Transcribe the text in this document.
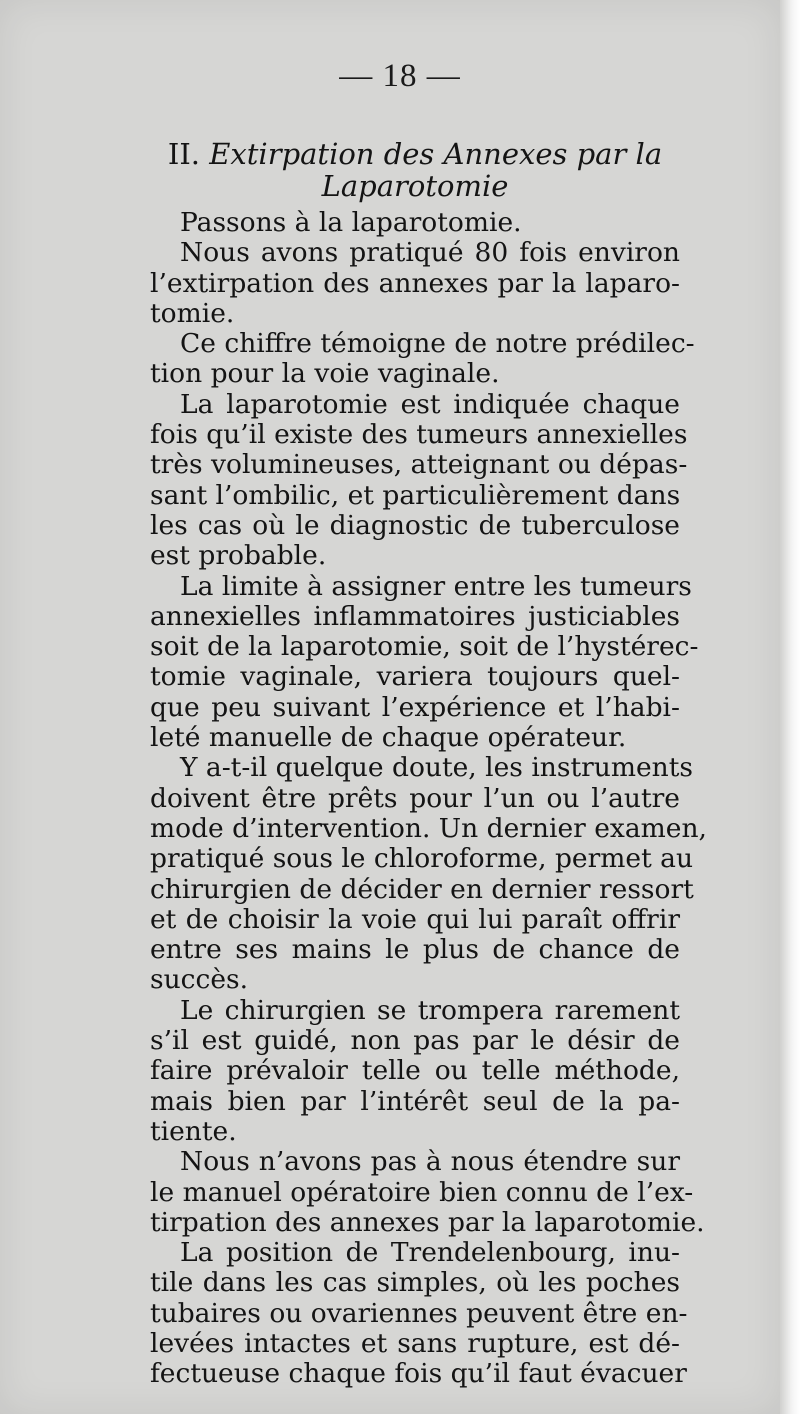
— 18 —
II. Extirpation des Annexes par la
Laparotomie
Passons à la laparotomie.
Nous avons pratiqué 80 fois environ
l’extirpation des annexes par la laparo-
tomie.
Ce chiffre témoigne de notre prédilec-
tion pour la voie vaginale.
La laparotomie est indiquée chaque
fois qu’il existe des tumeurs annexielles
très volumineuses, atteignant ou dépas-
sant l’ombilic, et particulièrement dans
les cas où le diagnostic de tuberculose
est probable.
La limite à assigner entre les tumeurs
annexielles inflammatoires justiciables
soit de la laparotomie, soit de l’hystérec-
tomie vaginale, variera toujours quel-
que peu suivant l’expérience et l’habi-
leté manuelle de chaque opérateur.
Y a-t-il quelque doute, les instruments
doivent être prêts pour l’un ou l’autre
mode d’intervention. Un dernier examen,
pratiqué sous le chloroforme, permet au
chirurgien de décider en dernier ressort
et de choisir la voie qui lui paraît offrir
entre ses mains le plus de chance de
succès.
Le chirurgien se trompera rarement
s’il est guidé, non pas par le désir de
faire prévaloir telle ou telle méthode,
mais bien par l’intérêt seul de la pa-
tiente.
Nous n’avons pas à nous étendre sur
le manuel opératoire bien connu de l’ex-
tirpation des annexes par la laparotomie.
La position de Trendelenbourg, inu-
tile dans les cas simples, où les poches
tubaires ou ovariennes peuvent être en-
levées intactes et sans rupture, est dé-
fectueuse chaque fois qu’il faut évacuer
